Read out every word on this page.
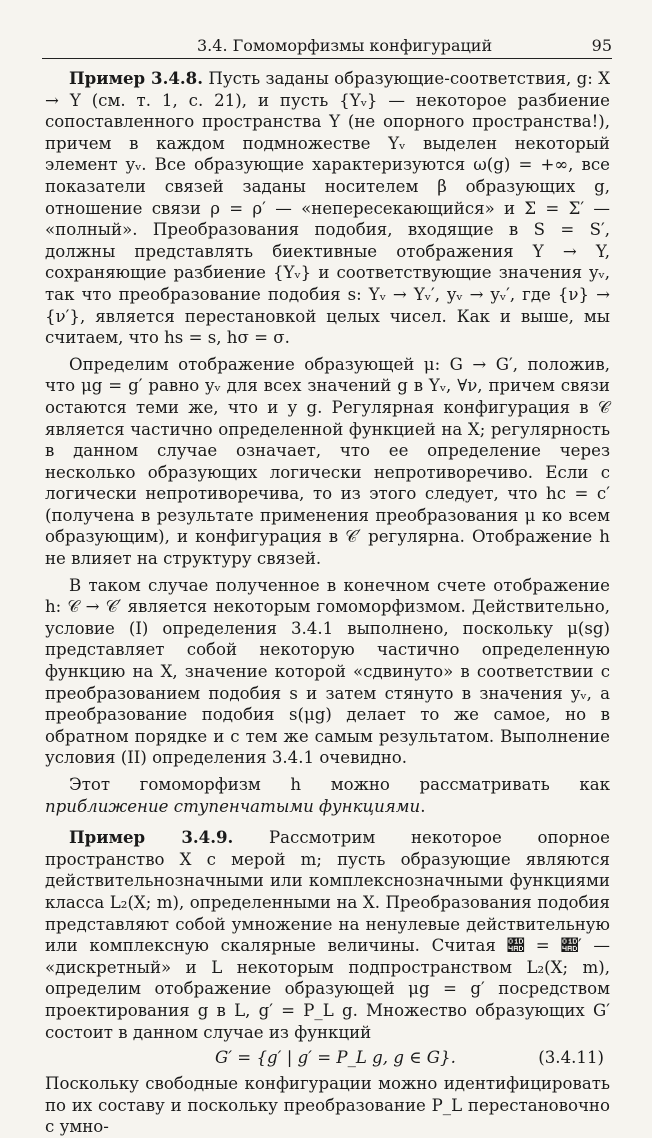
3.4. Гомоморфизмы конфигураций	95

Пример 3.4.8. Пусть заданы образующие-соответствия, g: X → Y (см. т. 1, с. 21), и пусть {Yᵥ} — некоторое разбиение сопоставленного пространства Y (не опорного пространства!), причем в каждом подмножестве Yᵥ выделен некоторый элемент yᵥ. Все образующие характеризуются ω(g) = +∞, все показатели связей заданы носителем β образующих g, отношение связи ρ = ρ′ — «непересекающийся» и Σ = Σ′ — «полный». Преобразования подобия, входящие в S = S′, должны представлять биективные отображения Y → Y, сохраняющие разбиение {Yᵥ} и соответствующие значения yᵥ, так что преобразование подобия s: Yᵥ → Yᵥ′, yᵥ → yᵥ′, где {ν} → {ν′}, является перестановкой целых чисел. Как и выше, мы считаем, что hs = s, hσ = σ.

Определим отображение образующей μ: G → G′, положив, что μg = g′ равно yᵥ для всех значений g в Yᵥ, ∀ν, причем связи остаются теми же, что и у g. Регулярная конфигурация в 𝒞 является частично определенной функцией на X; регулярность в данном случае означает, что ее определение через несколько образующих логически непротиворечиво. Если c логически непротиворечива, то из этого следует, что hc = c′ (получена в результате применения преобразования μ ко всем образующим), и конфигурация в 𝒞′ регулярна. Отображение h не влияет на структуру связей.

В таком случае полученное в конечном счете отображение h: 𝒞 → 𝒞′ является некоторым гомоморфизмом. Действительно, условие (I) определения 3.4.1 выполнено, поскольку μ(sg) представляет собой некоторую частично определенную функцию на X, значение которой «сдвинуто» в соответствии с преобразованием подобия s и затем стянуто в значения yᵥ, а преобразование подобия s(μg) делает то же самое, но в обратном порядке и с тем же самым результатом. Выполнение условия (II) определения 3.4.1 очевидно.

Этот гомоморфизм h можно рассматривать как приближение ступенчатыми функциями.

Пример 3.4.9. Рассмотрим некоторое опорное пространство X с мерой m; пусть образующие являются действительнозначными или комплекснозначными функциями класса L₂(X; m), определенными на X. Преобразования подобия представляют собой умножение на ненулевые действительную или комплексную скалярные величины. Считая 𝒭 = 𝒭′ — «дискретный» и L некоторым подпространством L₂(X; m), определим отображение образующей μg = g′ посредством проектирования g в L, g′ = P_L g. Множество образующих G′ состоит в данном случае из функций

G′ = {g′ | g′ = P_L g, g ∈ G}.	(3.4.11)

Поскольку свободные конфигурации можно идентифицировать по их составу и поскольку преобразование P_L перестановочно с умно-
